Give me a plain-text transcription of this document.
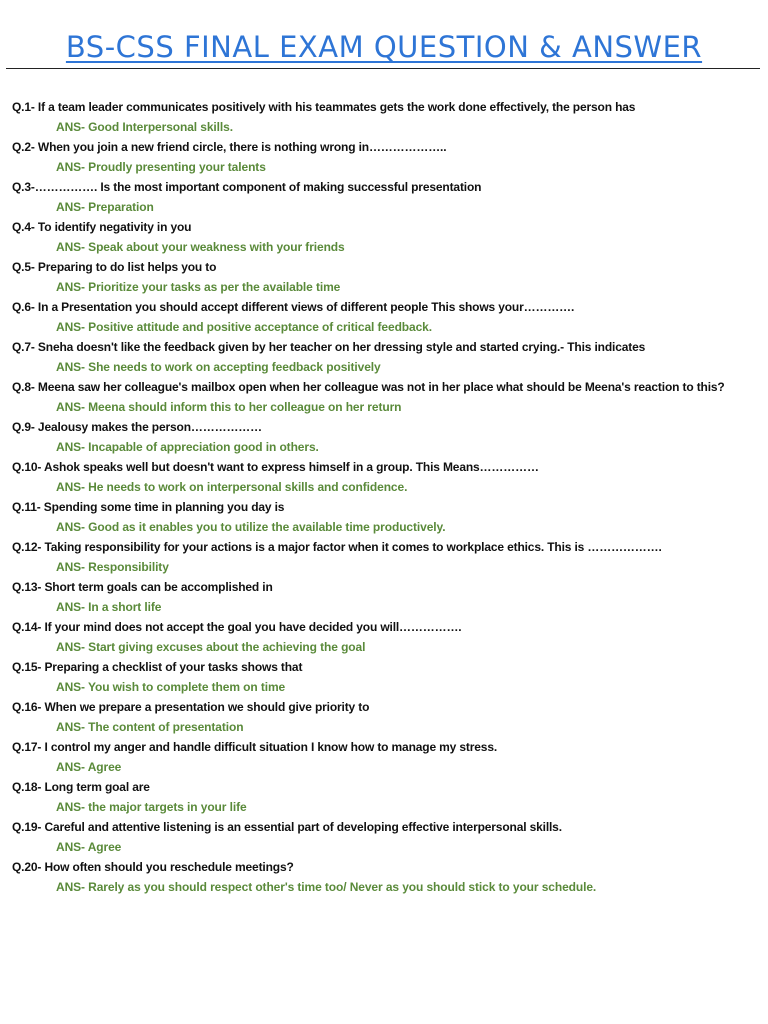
BS-CSS FINAL EXAM QUESTION & ANSWER
Q.1- If a team leader communicates positively with his teammates gets the work done effectively, the person has
ANS- Good Interpersonal skills.
Q.2- When you join a new friend circle, there is nothing wrong in………………..
ANS- Proudly presenting your talents
Q.3-……………. Is the most important component of making successful presentation
ANS- Preparation
Q.4- To identify negativity in you
ANS- Speak about your weakness with your friends
Q.5- Preparing to do list helps you to
ANS- Prioritize your tasks as per the available time
Q.6- In a Presentation you should accept different views of different people This shows your………….
ANS- Positive attitude and positive acceptance of critical feedback.
Q.7- Sneha doesn't like the feedback given by her teacher on her dressing style and started crying.- This indicates
ANS- She needs to work on accepting feedback positively
Q.8- Meena saw her colleague's mailbox open when her colleague was not in her place what should be Meena's reaction to this?
ANS- Meena should inform this to her colleague on her return
Q.9- Jealousy makes the person………………
ANS- Incapable of appreciation good in others.
Q.10- Ashok speaks well but doesn't want to express himself in a group. This Means……………
ANS- He needs to work on interpersonal skills and confidence.
Q.11- Spending some time in planning you day is
ANS- Good as it enables you to utilize the available time productively.
Q.12- Taking responsibility for your actions is a major factor when it comes to workplace ethics. This is ……………….
ANS- Responsibility
Q.13- Short term goals can be accomplished in
ANS- In a short life
Q.14- If your mind does not accept the goal you have decided you will…………….
ANS- Start giving excuses about the achieving the goal
Q.15- Preparing a checklist of your tasks shows that
ANS- You wish to complete them on time
Q.16- When we prepare a presentation we should give priority to
ANS- The content of presentation
Q.17- I control my anger and handle difficult situation I know how to manage my stress.
ANS- Agree
Q.18- Long term goal are
ANS- the major targets in your life
Q.19- Careful and attentive listening is an essential part of developing effective interpersonal skills.
ANS- Agree
Q.20- How often should you reschedule meetings?
ANS- Rarely as you should respect other's time too/ Never as you should stick to your schedule.
